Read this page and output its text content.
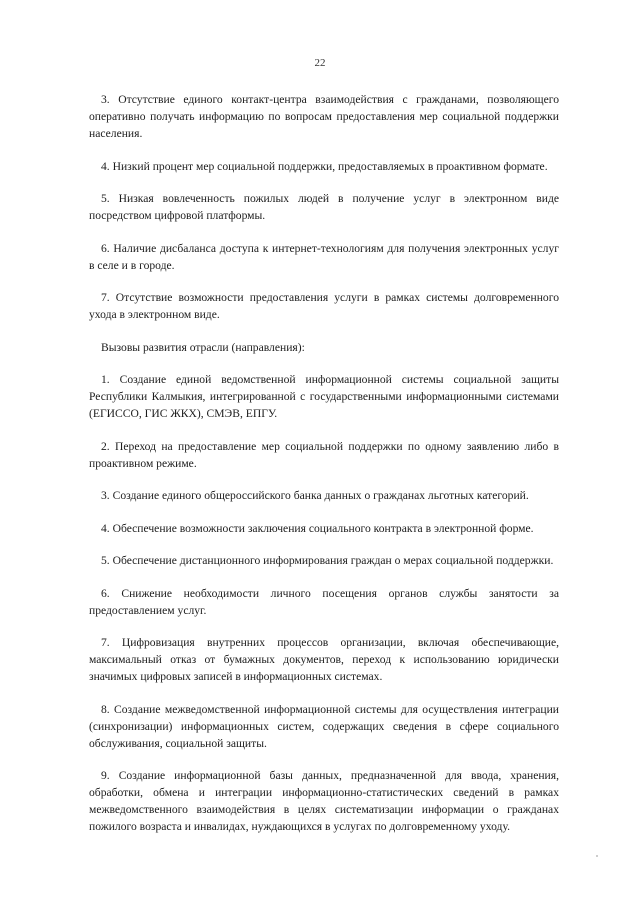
22

3. Отсутствие единого контакт-центра взаимодействия с гражданами, позволяющего оперативно получать информацию по вопросам предоставления мер социальной поддержки населения.

4. Низкий процент мер социальной поддержки, предоставляемых в проактивном формате.

5. Низкая вовлеченность пожилых людей в получение услуг в электронном виде посредством цифровой платформы.

6. Наличие дисбаланса доступа к интернет-технологиям для получения электронных услуг в селе и в городе.

7. Отсутствие возможности предоставления услуги в рамках системы долговременного ухода в электронном виде.

Вызовы развития отрасли (направления):

1. Создание единой ведомственной информационной системы социальной защиты Республики Калмыкия, интегрированной с государственными информационными системами (ЕГИССО, ГИС ЖКХ), СМЭВ, ЕПГУ.

2. Переход на предоставление мер социальной поддержки по одному заявлению либо в проактивном режиме.

3. Создание единого общероссийского банка данных о гражданах льготных категорий.

4. Обеспечение возможности заключения социального контракта в электронной форме.

5. Обеспечение дистанционного информирования граждан о мерах социальной поддержки.

6. Снижение необходимости личного посещения органов службы занятости за предоставлением услуг.

7. Цифровизация внутренних процессов организации, включая обеспечивающие, максимальный отказ от бумажных документов, переход к использованию юридически значимых цифровых записей в информационных системах.

8. Создание межведомственной информационной системы для осуществления интеграции (синхронизации) информационных систем, содержащих сведения в сфере социального обслуживания, социальной защиты.

9. Создание информационной базы данных, предназначенной для ввода, хранения, обработки, обмена и интеграции информационно-статистических сведений в рамках межведомственного взаимодействия в целях систематизации информации о гражданах пожилого возраста и инвалидах, нуждающихся в услугах по долговременному уходу.
